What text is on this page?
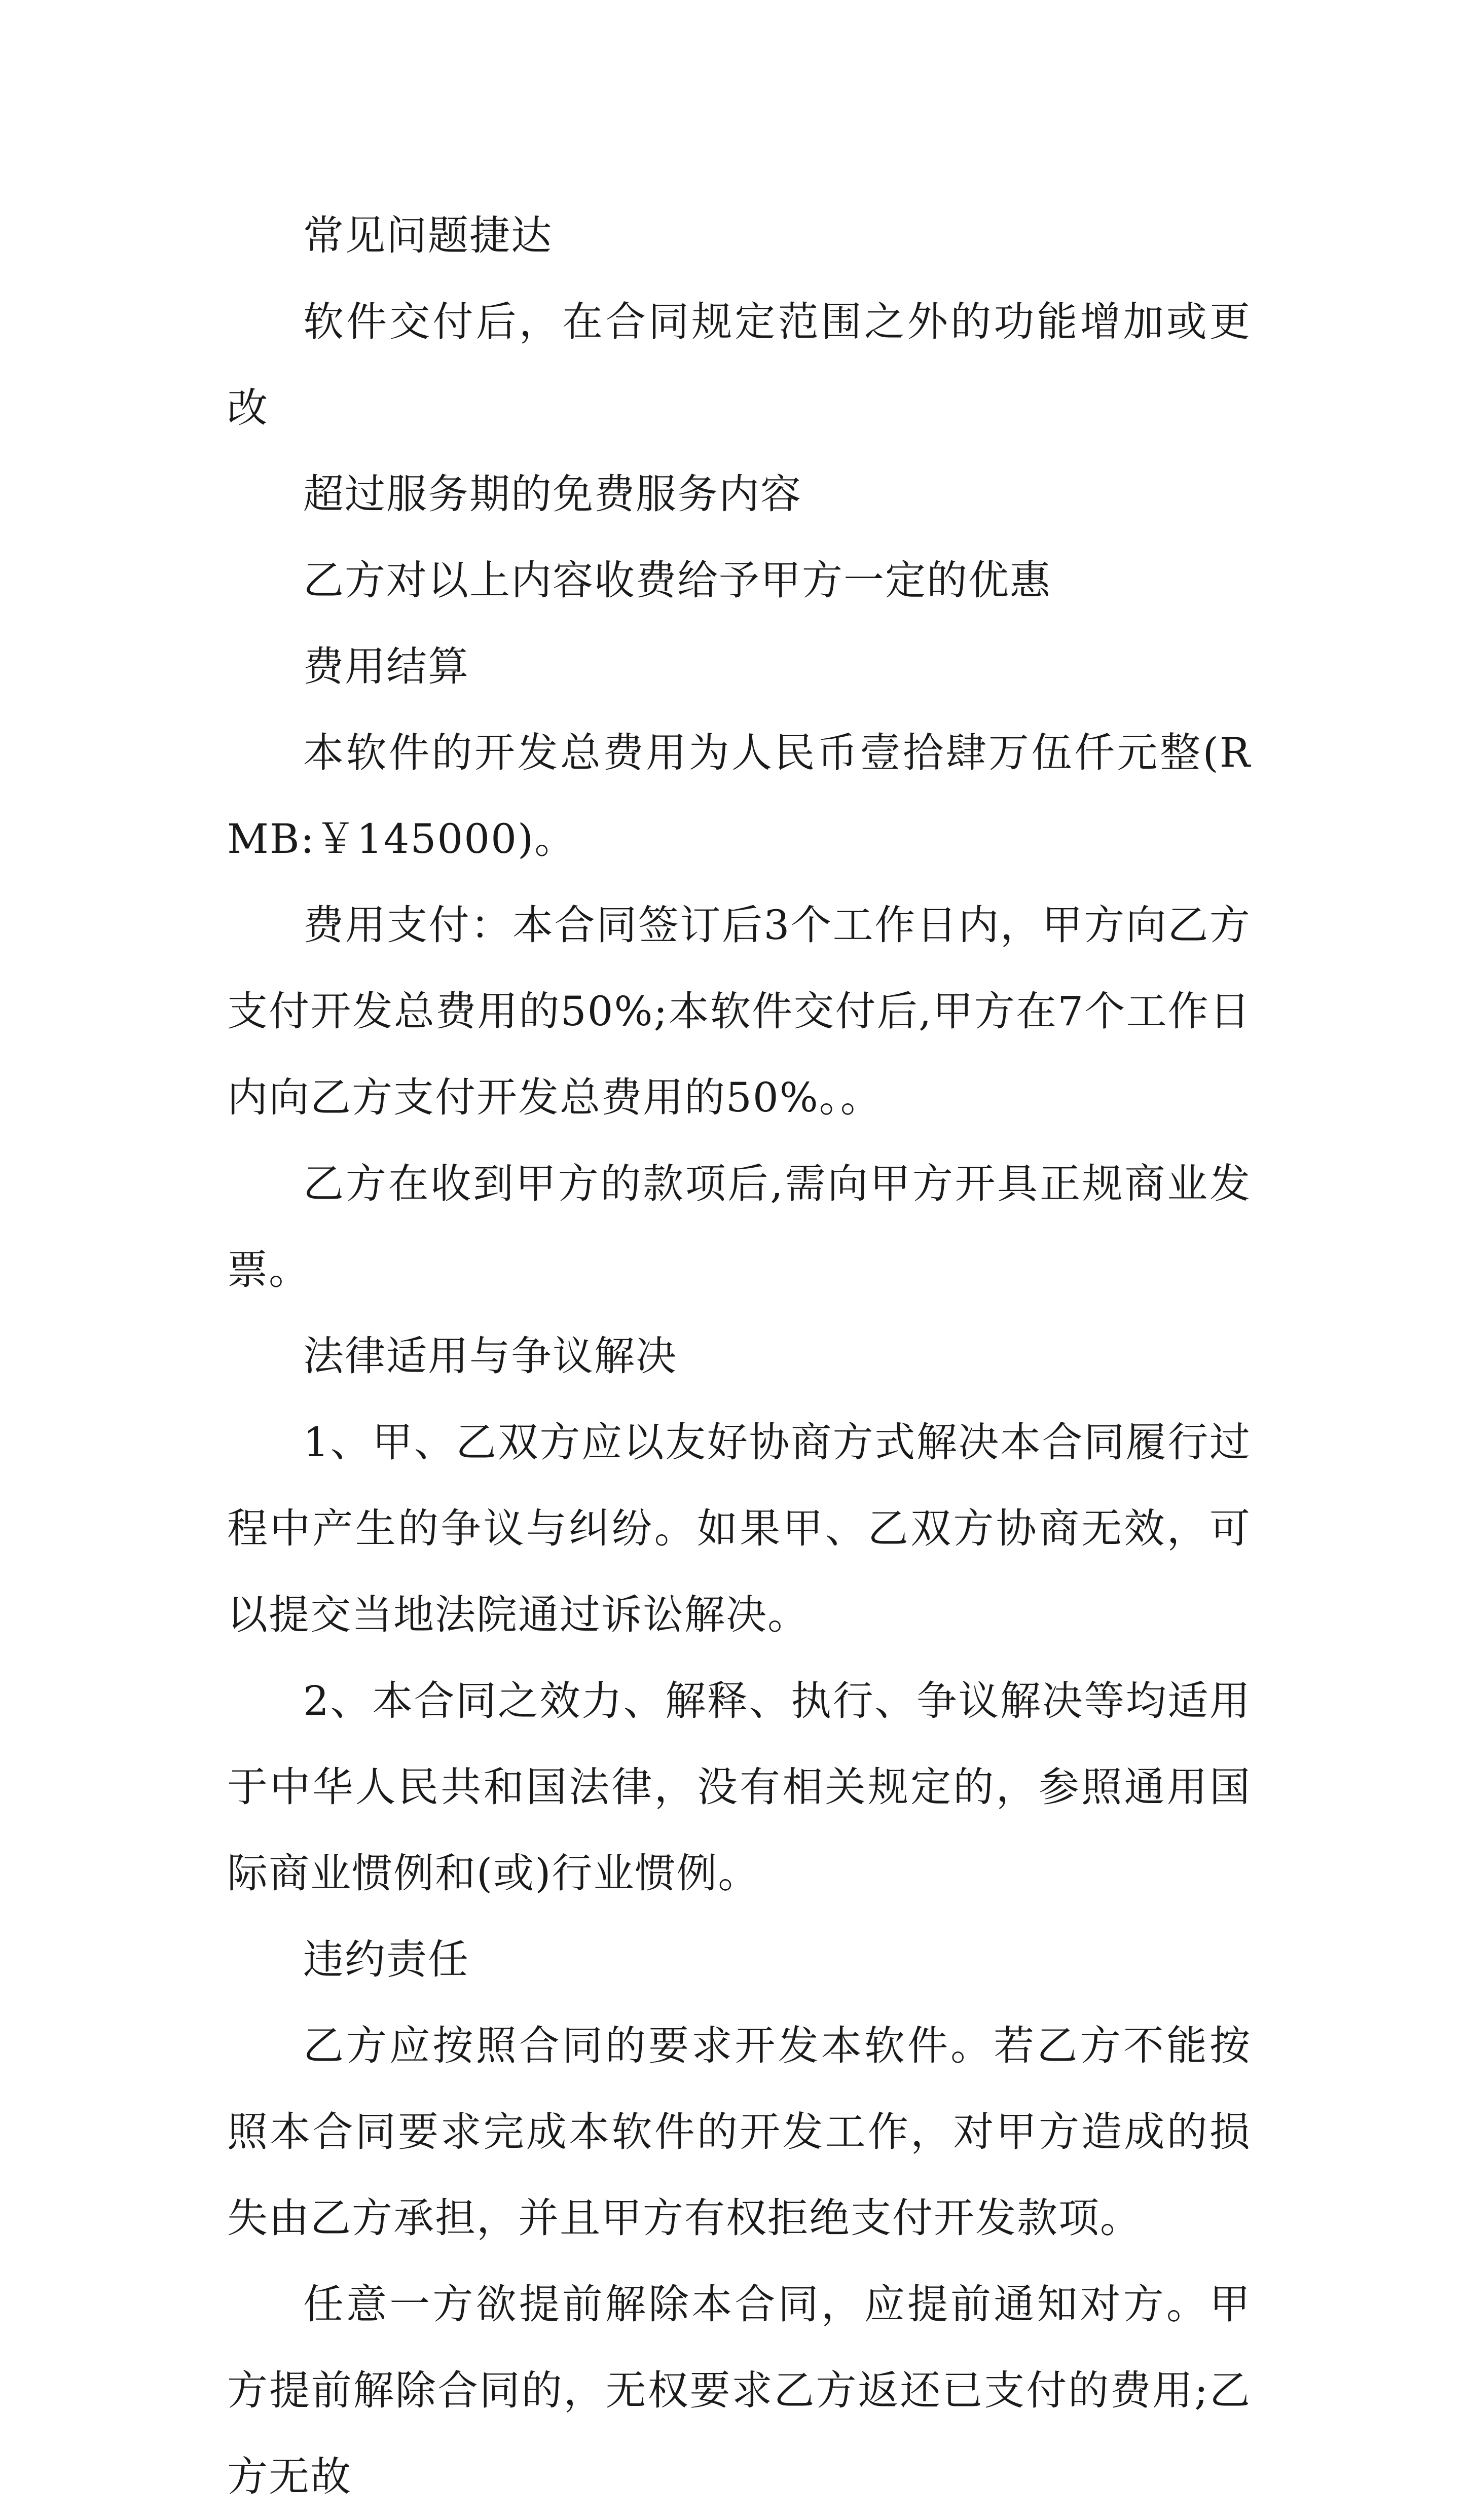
常见问题捷达

软件交付后，在合同规定范围之外的功能增加或更改

超过服务期的免费服务内容

乙方对以上内容收费给予甲方一定的优惠

费用结算

本软件的开发总费用为人民币壹拾肆万伍仟元整(RMB:￥145000)。

费用支付：本合同签订后3个工作日内，甲方向乙方支付开发总费用的50%;本软件交付后,甲方在7个工作日内向乙方支付开发总费用的50%。。

乙方在收到甲方的款项后,需向甲方开具正规商业发票。

法律适用与争议解决

1、甲、乙双方应以友好协商方式解决本合同履行过程中产生的争议与纠纷。如果甲、乙双方协商无效，可以提交当地法院通过诉讼解决。

2、本合同之效力、解释、执行、争议解决等均适用于中华人民共和国法律，没有相关规定的，参照通用国际商业惯例和(或)行业惯例。

违约责任

乙方应按照合同的要求开发本软件。若乙方不能按照本合同要求完成本软件的开发工作，对甲方造成的损失由乙方承担，并且甲方有权拒绝支付开发款项。

任意一方欲提前解除本合同，应提前通知对方。甲方提前解除合同的，无权要求乙方返还已支付的费用;乙方无故
